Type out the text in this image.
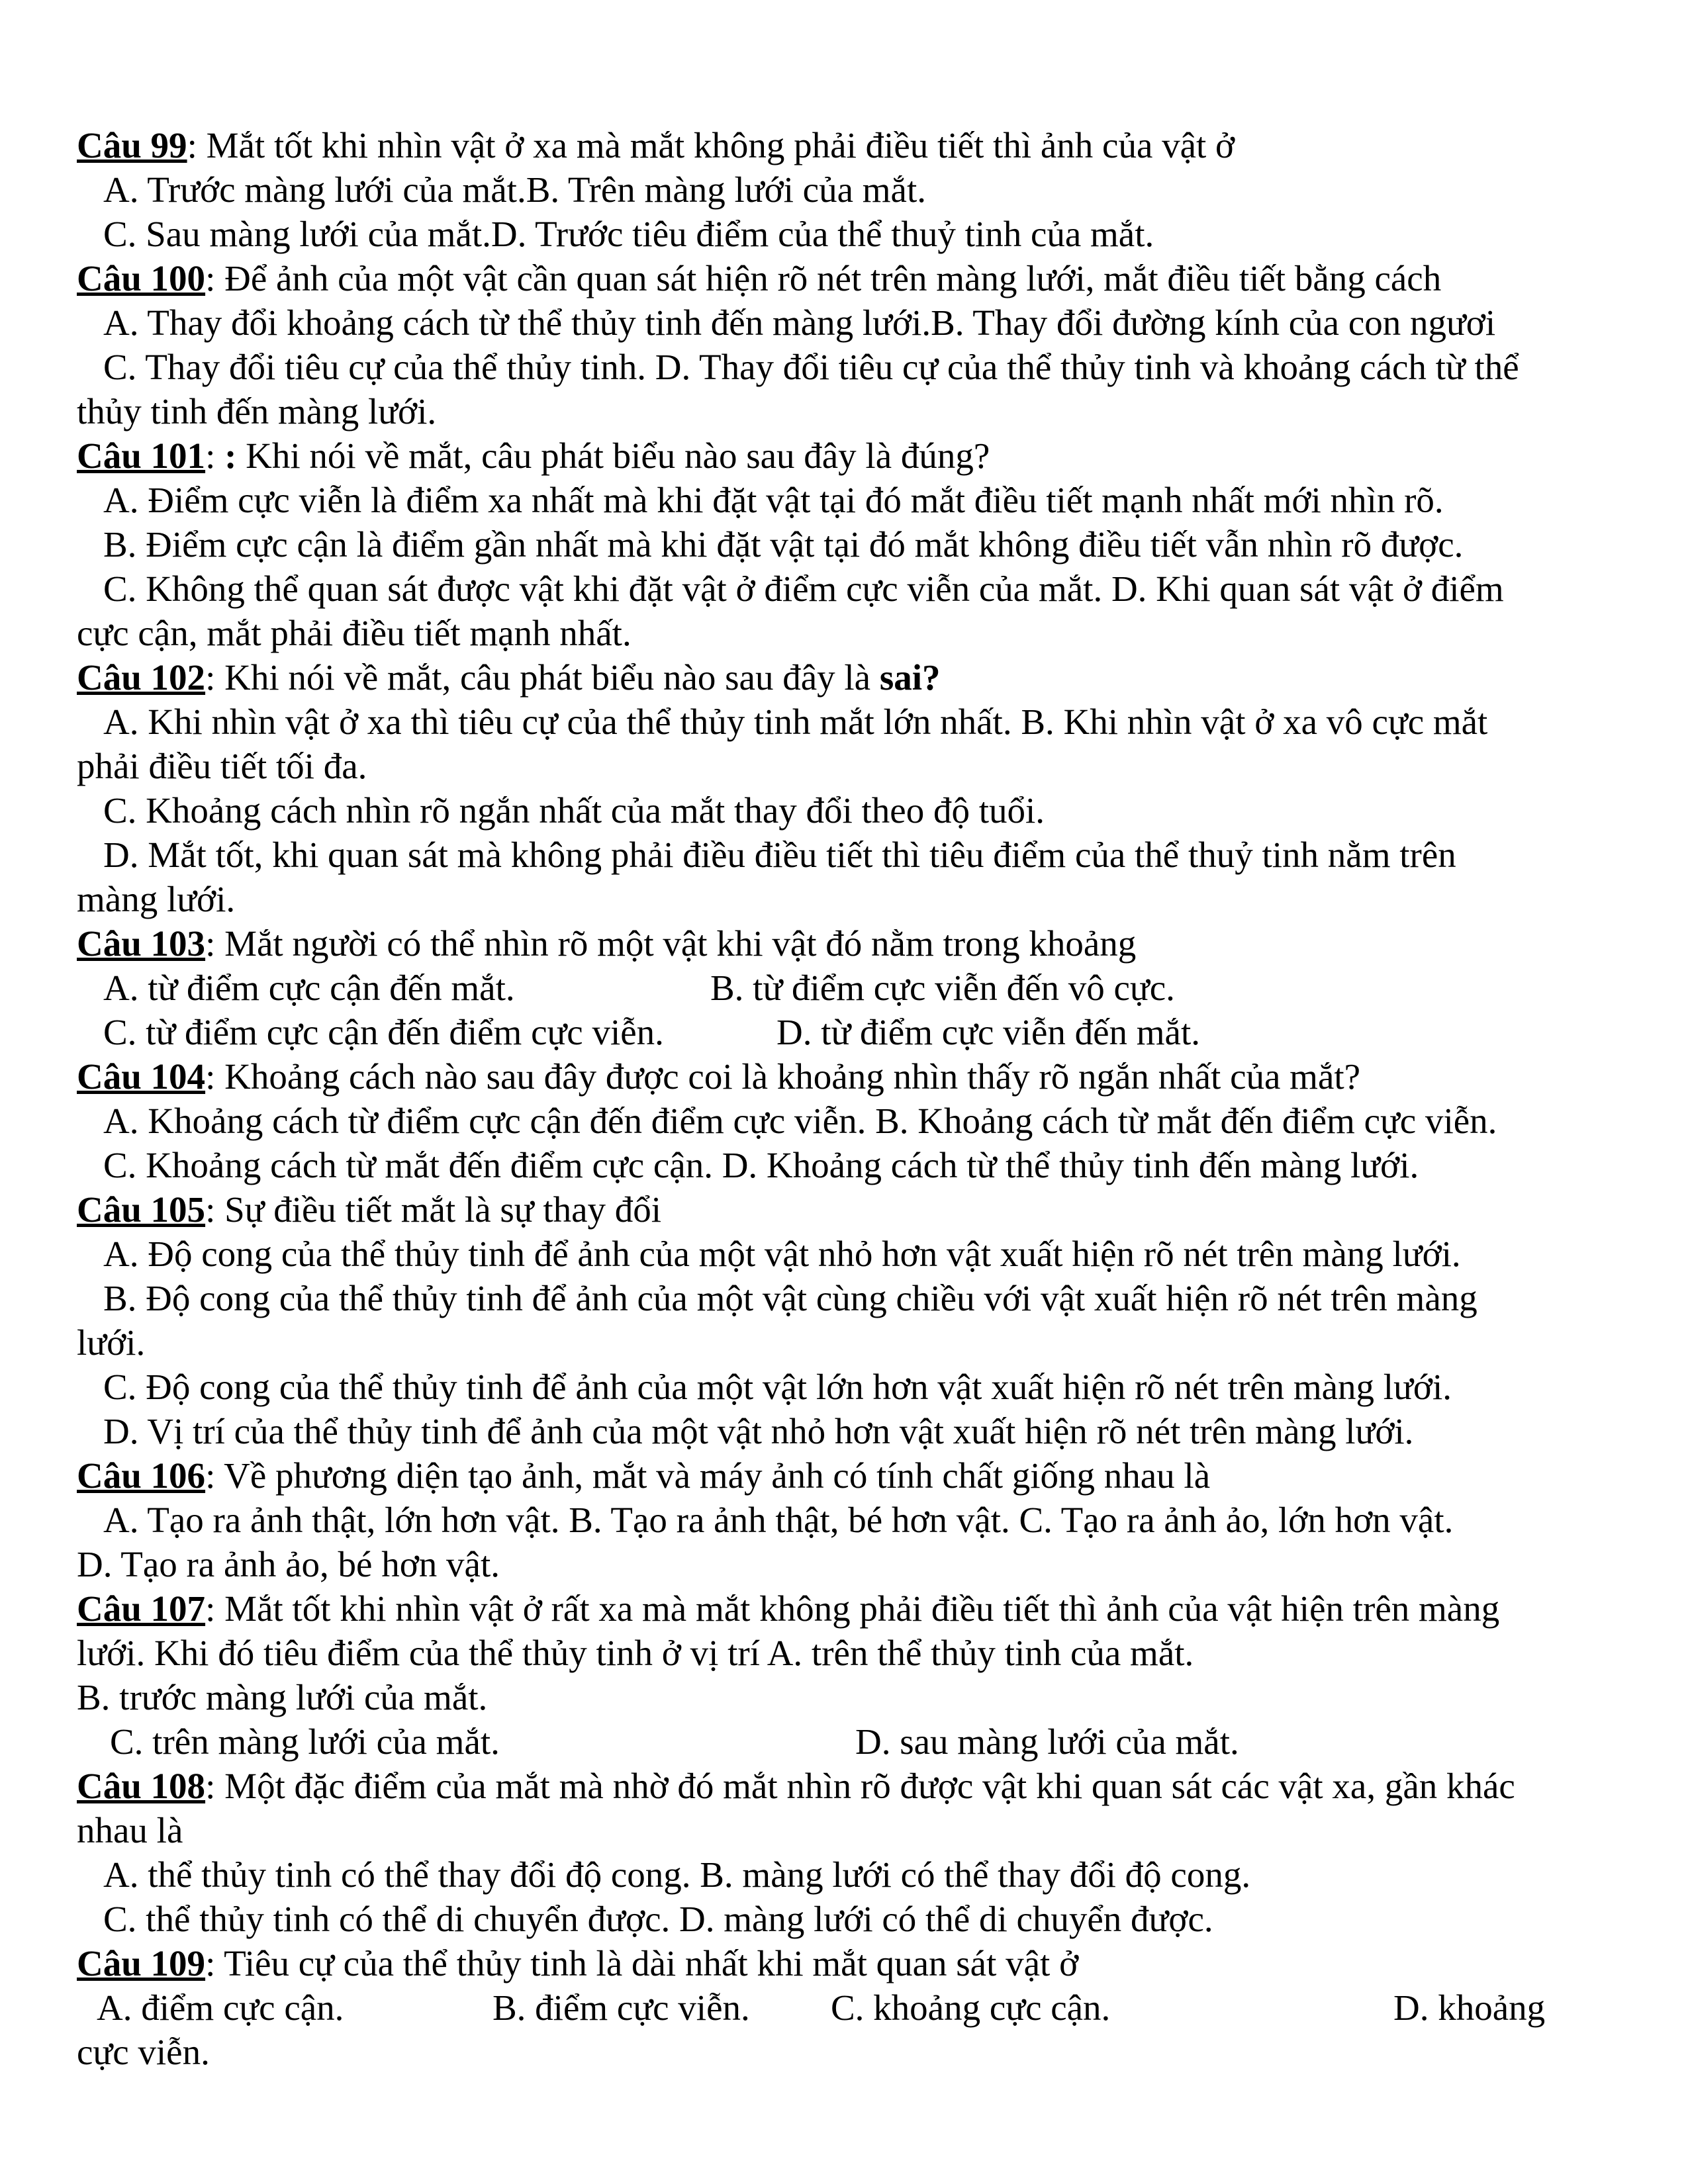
Câu 99: Mắt tốt khi nhìn vật ở xa mà mắt không phải điều tiết thì ảnh của vật ở
A. Trước màng lưới của mắt.B. Trên màng lưới của mắt.
C. Sau màng lưới của mắt.D. Trước tiêu điểm của thể thuỷ tinh của mắt.
Câu 100: Để ảnh của một vật cần quan sát hiện rõ nét trên màng lưới, mắt điều tiết bằng cách
A. Thay đổi khoảng cách từ thể thủy tinh đến màng lưới.B. Thay đổi đường kính của con ngươi
C. Thay đổi tiêu cự của thể thủy tinh. D. Thay đổi tiêu cự của thể thủy tinh và khoảng cách từ thể
thủy tinh đến màng lưới.
Câu 101: : Khi nói về mắt, câu phát biểu nào sau đây là đúng?
A. Điểm cực viễn là điểm xa nhất mà khi đặt vật tại đó mắt điều tiết mạnh nhất mới nhìn rõ.
B. Điểm cực cận là điểm gần nhất mà khi đặt vật tại đó mắt không điều tiết vẫn nhìn rõ được.
C. Không thể quan sát được vật khi đặt vật ở điểm cực viễn của mắt. D. Khi quan sát vật ở điểm
cực cận, mắt phải điều tiết mạnh nhất.
Câu 102: Khi nói về mắt, câu phát biểu nào sau đây là sai?
A. Khi nhìn vật ở xa thì tiêu cự của thể thủy tinh mắt lớn nhất. B. Khi nhìn vật ở xa vô cực mắt
phải điều tiết tối đa.
C. Khoảng cách nhìn rõ ngắn nhất của mắt thay đổi theo độ tuổi.
D. Mắt tốt, khi quan sát mà không phải điều điều tiết thì tiêu điểm của thể thuỷ tinh nằm trên
màng lưới.
Câu 103: Mắt người có thể nhìn rõ một vật khi vật đó nằm trong khoảng
A. từ điểm cực cận đến mắt.	B. từ điểm cực viễn đến vô cực.
C. từ điểm cực cận đến điểm cực viễn.	D. từ điểm cực viễn đến mắt.
Câu 104: Khoảng cách nào sau đây được coi là khoảng nhìn thấy rõ ngắn nhất của mắt?
A. Khoảng cách từ điểm cực cận đến điểm cực viễn. B. Khoảng cách từ mắt đến điểm cực viễn.
C. Khoảng cách từ mắt đến điểm cực cận. D. Khoảng cách từ thể thủy tinh đến màng lưới.
Câu 105: Sự điều tiết mắt là sự thay đổi
A. Độ cong của thể thủy tinh để ảnh của một vật nhỏ hơn vật xuất hiện rõ nét trên màng lưới.
B. Độ cong của thể thủy tinh để ảnh của một vật cùng chiều với vật xuất hiện rõ nét trên màng
lưới.
C. Độ cong của thể thủy tinh để ảnh của một vật lớn hơn vật xuất hiện rõ nét trên màng lưới.
D. Vị trí của thể thủy tinh để ảnh của một vật nhỏ hơn vật xuất hiện rõ nét trên màng lưới.
Câu 106: Về phương diện tạo ảnh, mắt và máy ảnh có tính chất giống nhau là
A. Tạo ra ảnh thật, lớn hơn vật. B. Tạo ra ảnh thật, bé hơn vật. C. Tạo ra ảnh ảo, lớn hơn vật.
D. Tạo ra ảnh ảo, bé hơn vật.
Câu 107: Mắt tốt khi nhìn vật ở rất xa mà mắt không phải điều tiết thì ảnh của vật hiện trên màng
lưới. Khi đó tiêu điểm của thể thủy tinh ở vị trí A. trên thể thủy tinh của mắt.
B. trước màng lưới của mắt.
C. trên màng lưới của mắt.	D. sau màng lưới của mắt.
Câu 108: Một đặc điểm của mắt mà nhờ đó mắt nhìn rõ được vật khi quan sát các vật xa, gần khác
nhau là
A. thể thủy tinh có thể thay đổi độ cong. B. màng lưới có thể thay đổi độ cong.
C. thể thủy tinh có thể di chuyển được. D. màng lưới có thể di chuyển được.
Câu 109: Tiêu cự của thể thủy tinh là dài nhất khi mắt quan sát vật ở
A. điểm cực cận.	B. điểm cực viễn. C. khoảng cực cận.	D. khoảng
cực viễn.
